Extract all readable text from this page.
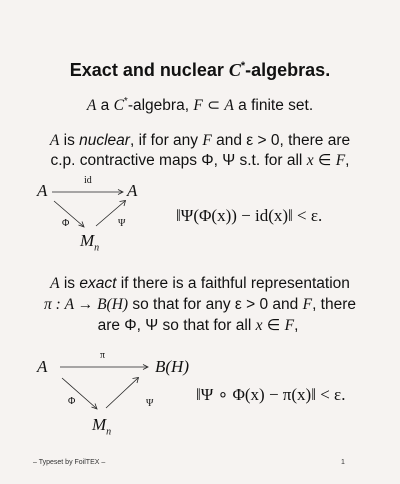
Exact and nuclear C*-algebras.
A a C*-algebra, F ⊂ A a finite set.
A is nuclear, if for any F and ε > 0, there are
c.p. contractive maps Φ, Ψ s.t. for all x ∈ F,
A	A
id
Φ	Ψ
$M_n$
‖Ψ(Φ(x)) − id(x)‖ < ε.
A is exact if there is a faithful representation
π : A → B(H) so that for any ε > 0 and F, there
are Φ, Ψ so that for all x ∈ F,
A	B(H)
π
Φ	Ψ
$M_n$
‖Ψ ∘ Φ(x) − π(x)‖ < ε.
– Typeset by FoilTEX –	1
